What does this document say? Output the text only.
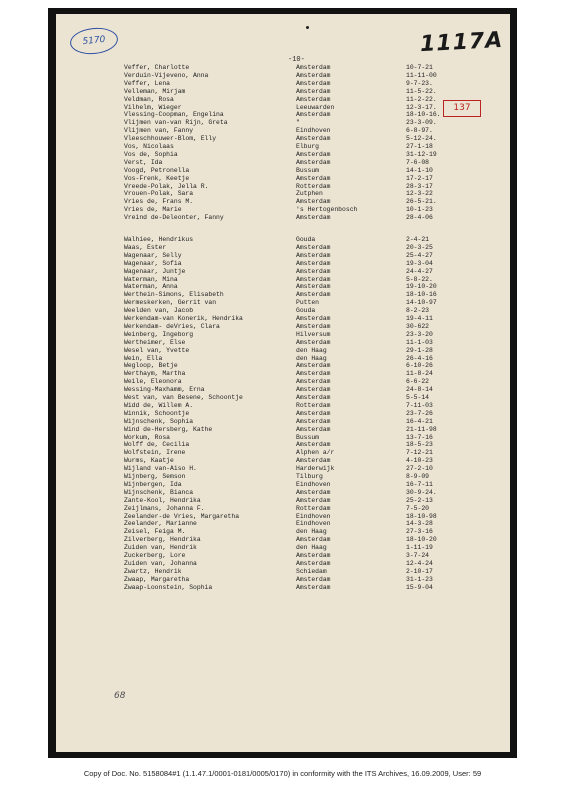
5170
-10-
1117A
137
68
Veffer, Charlotte	Amsterdam	10-7-21
Verduin-Vijeveno, Anna	Amsterdam	11-11-00
Veffer, Lena	Amsterdam	9-7-23.
Velleman, Mirjam	Amsterdam	11-5-22.
Veldman, Rosa	Amsterdam	11-2-22.
Vilhelm, Wieger	Leeuwarden	12-3-17.
Vlessing-Coopman, Engelina	Amsterdam	18-10-16.
Vlijmen van-van Rijn, Greta	"	23-3-09.
Vlijmen van, Fanny	Eindhoven	6-8-97.
Vleeschhouwer-Blom, Elly	Amsterdam	5-12-24.
Vos, Nicolaas	Elburg	27-1-18
Vos de, Sophia	Amsterdam	31-12-19
Verst, Ida	Amsterdam	7-6-08
Voogd, Petronella	Bussum	14-1-10
Vos-Frenk, Keetje	Amsterdam	17-2-17
Vreede-Polak, Jella R.	Rotterdam	28-3-17
Vrouen-Polak, Sara	Zutphen	12-3-22
Vries de, Frans M.	Amsterdam	26-5-21.
Vries de, Marie	's Hertogenbosch	10-1-23
Vreind de-Deleonter, Fanny	Amsterdam	28-4-06
Walhiee, Hendrikus	Gouda	2-4-21
Waas, Ester	Amsterdam	20-3-25
Wagenaar, Selly	Amsterdam	25-4-27
Wagenaar, Sofia	Amsterdam	19-3-04
Wagenaar, Juntje	Amsterdam	24-4-27
Waterman, Mina	Amsterdam	5-8-22.
Waterman, Anna	Amsterdam	19-10-20
Werthein-Simons, Elisabeth	Amsterdam	18-10-16
Wermeskerken, Gerrit van	Putten	14-10-97
Weelden van, Jacob	Gouda	8-2-23
Werkendam-van Konerik, Hendrika	Amsterdam	19-4-11
Werkendam- deVries, Clara	Amsterdam	30-622
Weinberg, Ingeborg	Hilversum	23-3-20
Wertheimer, Else	Amsterdam	11-1-03
Wesel van, Yvette	den Haag	29-1-28
Wein, Ella	den Haag	26-4-16
Wegloop, Betje	Amsterdam	6-10-26
Werthaym, Martha	Amsterdam	11-8-24
Weile, Eleonora	Amsterdam	6-6-22
Wessing-Maxhamm, Erna	Amsterdam	24-8-14
West van, van Besene, Schoontje	Amsterdam	5-5-14
Widd de, Willem A.	Rotterdam	7-11-03
Winnik, Schoontje	Amsterdam	23-7-26
Wijnschenk, Sophia	Amsterdam	16-4-21
Wind de-Hersberg, Kathe	Amsterdam	21-11-98
Workum, Rosa	Bussum	13-7-16
Wolff de, Cecilia	Amsterdam	18-5-23
Wolfstein, Irene	Alphen a/r	7-12-21
Wurms, Kaatje	Amsterdam	4-10-23
Wijland van-Aiso H.	Harderwijk	27-2-10
Wijnberg, Semson	Tilburg	8-9-09
Wijnbergen, Ida	Eindhoven	16-7-11
Wijnschenk, Bianca	Amsterdam	30-9-24.
Zante-Kool, Hendrika	Amsterdam	25-2-13
Zeijlmans, Johanna F.	Rotterdam	7-5-20
Zeelander-de Vries, Margaretha	Eindhoven	18-10-98
Zeelander, Marianne	Eindhoven	14-3-28
Zeisel, Feiga M.	den Haag	27-3-16
Zilverberg, Hendrika	Amsterdam	18-10-20
Zuiden van, Hendrik	den Haag	1-11-19
Zuckerberg, Lore	Amsterdam	3-7-24
Zuiden van, Johanna	Amsterdam	12-4-24
Zwartz, Hendrik	Schiedam	2-10-17
Zwaap, Margaretha	Amsterdam	31-1-23
Zwaap-Loonstein, Sophia	Amsterdam	15-9-04
Copy of Doc. No. 5158084#1 (1.1.47.1/0001-0181/0005/0170) in conformity with the ITS Archives, 16.09.2009, User: 59
